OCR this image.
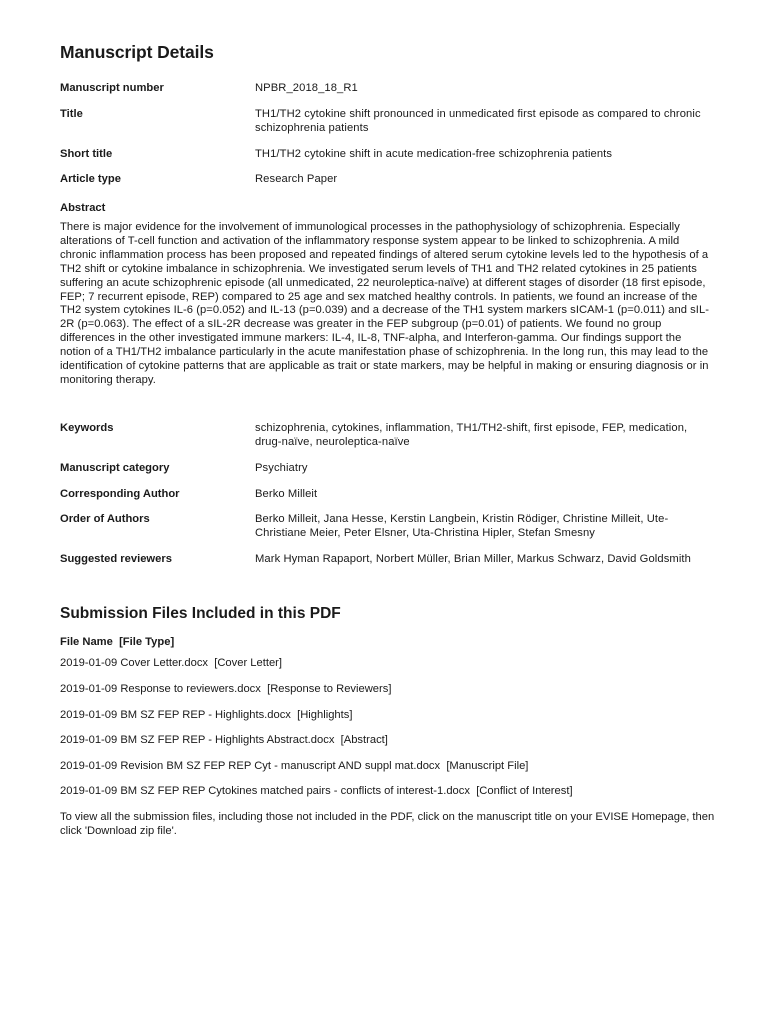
Manuscript Details
Manuscript number	NPBR_2018_18_R1
Title	TH1/TH2 cytokine shift pronounced in unmedicated first episode as compared to chronic schizophrenia patients
Short title	TH1/TH2 cytokine shift in acute medication-free schizophrenia patients
Article type	Research Paper
Abstract
There is major evidence for the involvement of immunological processes in the pathophysiology of schizophrenia. Especially alterations of T-cell function and activation of the inflammatory response system appear to be linked to schizophrenia. A mild chronic inflammation process has been proposed and repeated findings of altered serum cytokine levels led to the hypothesis of a TH2 shift or cytokine imbalance in schizophrenia. We investigated serum levels of TH1 and TH2 related cytokines in 25 patients suffering an acute schizophrenic episode (all unmedicated, 22 neuroleptica-naïve) at different stages of disorder (18 first episode, FEP; 7 recurrent episode, REP) compared to 25 age and sex matched healthy controls. In patients, we found an increase of the TH2 system cytokines IL-6 (p=0.052) and IL-13 (p=0.039) and a decrease of the TH1 system markers sICAM-1 (p=0.011) and sIL-2R (p=0.063). The effect of a sIL-2R decrease was greater in the FEP subgroup (p=0.01) of patients. We found no group differences in the other investigated immune markers: IL-4, IL-8, TNF-alpha, and Interferon-gamma. Our findings support the notion of a TH1/TH2 imbalance particularly in the acute manifestation phase of schizophrenia. In the long run, this may lead to the identification of cytokine patterns that are applicable as trait or state markers, may be helpful in making or ensuring diagnosis or in monitoring therapy.
Keywords	schizophrenia, cytokines, inflammation, TH1/TH2-shift, first episode, FEP, medication, drug-naïve, neuroleptica-naïve
Manuscript category	Psychiatry
Corresponding Author	Berko Milleit
Order of Authors	Berko Milleit, Jana Hesse, Kerstin Langbein, Kristin Rödiger, Christine Milleit, Ute-Christiane Meier, Peter Elsner, Uta-Christina Hipler, Stefan Smesny
Suggested reviewers	Mark Hyman Rapaport, Norbert Müller, Brian Miller, Markus Schwarz, David Goldsmith
Submission Files Included in this PDF
File Name  [File Type]
2019-01-09 Cover Letter.docx  [Cover Letter]
2019-01-09 Response to reviewers.docx  [Response to Reviewers]
2019-01-09 BM SZ FEP REP - Highlights.docx  [Highlights]
2019-01-09 BM SZ FEP REP - Highlights Abstract.docx  [Abstract]
2019-01-09 Revision BM SZ FEP REP Cyt - manuscript AND suppl mat.docx  [Manuscript File]
2019-01-09 BM SZ FEP REP Cytokines matched pairs - conflicts of interest-1.docx  [Conflict of Interest]
To view all the submission files, including those not included in the PDF, click on the manuscript title on your EVISE Homepage, then click 'Download zip file'.
